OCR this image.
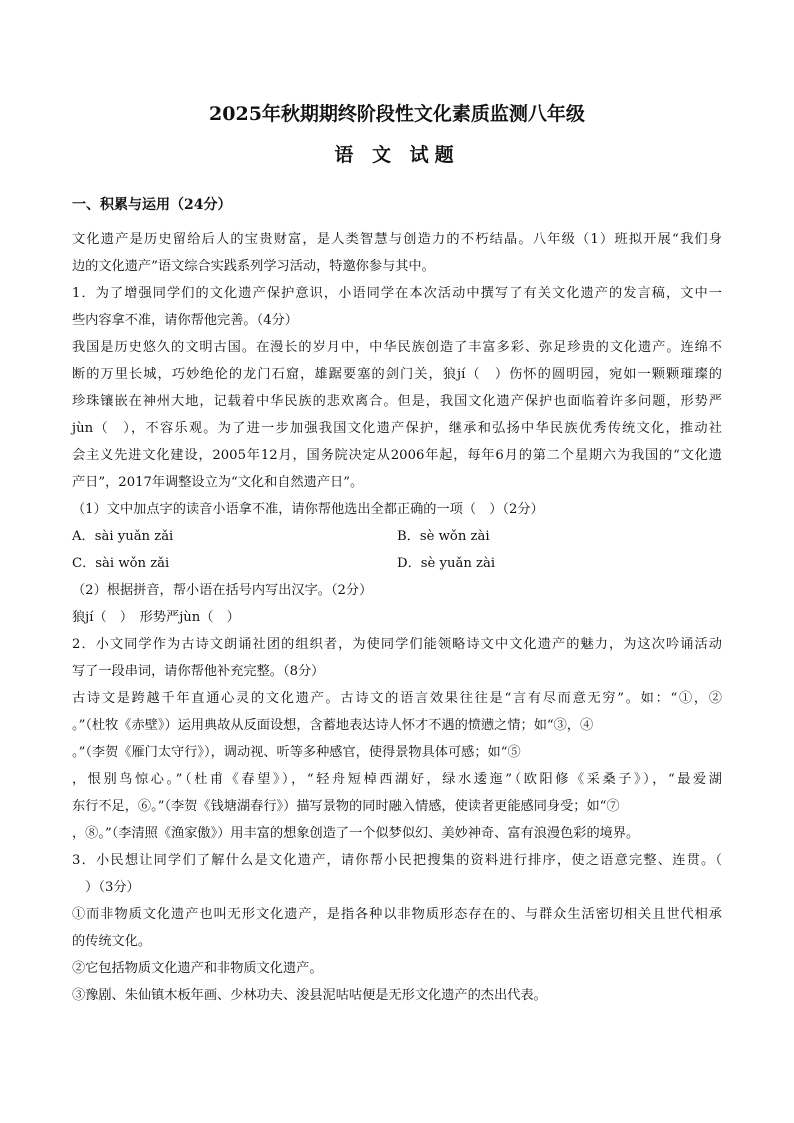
2025年秋期期终阶段性文化素质监测八年级
语 文 试题
一、积累与运用（24分）
文化遗产是历史留给后人的宝贵财富，是人类智慧与创造力的不朽结晶。八年级（1）班拟开展“我们身
边的文化遗产”语文综合实践系列学习活动，特邀你参与其中。
1．为了增强同学们的文化遗产保护意识，小语同学在本次活动中撰写了有关文化遗产的发言稿，文中一
些内容拿不准，请你帮他完善。（4分）
我国是历史悠久的文明古国。在漫长的岁月中，中华民族创造了丰富多彩、弥足珍贵的文化遗产。连绵不
断的万里长城，巧妙绝伦的龙门石窟，雄踞要塞的剑门关，狼jí（　）伤怀的圆明园，宛如一颗颗璀璨的
珍珠镶嵌在神州大地，记载着中华民族的悲欢离合。但是，我国文化遗产保护也面临着许多问题，形势严
jùn（　），不容乐观。为了进一步加强我国文化遗产保护，继承和弘扬中华民族优秀传统文化，推动社
会主义先进文化建设，2005年12月，国务院决定从2006年起，每年6月的第二个星期六为我国的“文化遗
产日”，2017年调整设立为“文化和自然遗产日”。
（1）文中加点字的读音小语拿不准，请你帮他选出全都正确的一项（　）（2分）
A．sài yuǎn zǎi	B．sè wǒn zài
C．sài wǒn zǎi	D．sè yuǎn zài
（2）根据拼音，帮小语在括号内写出汉字。（2分）
狼jí（　）　形势严jùn（　）
2．小文同学作为古诗文朗诵社团的组织者，为使同学们能领略诗文中文化遗产的魅力，为这次吟诵活动
写了一段串词，请你帮他补充完整。（8分）
古诗文是跨越千年直通心灵的文化遗产。古诗文的语言效果往往是“言有尽而意无穷”。如：“①，②
。”（杜牧《赤壁》）运用典故从反面设想，含蓄地表达诗人怀才不遇的愤懑之情；如“③，④
。”（李贺《雁门太守行》），调动视、听等多种感官，使得景物具体可感；如“⑤
，恨别鸟惊心。”（杜甫《春望》），“轻舟短棹西湖好，绿水逶迤”（欧阳修《采桑子》），“最爱湖
东行不足，⑥。”（李贺《钱塘湖春行》）描写景物的同时融入情感，使读者更能感同身受；如“⑦
，⑧。”（李清照《渔家傲》）用丰富的想象创造了一个似梦似幻、美妙神奇、富有浪漫色彩的境界。
3．小民想让同学们了解什么是文化遗产，请你帮小民把搜集的资料进行排序，使之语意完整、连贯。（
　）（3分）
①而非物质文化遗产也叫无形文化遗产，是指各种以非物质形态存在的、与群众生活密切相关且世代相承
的传统文化。
②它包括物质文化遗产和非物质文化遗产。
③豫剧、朱仙镇木板年画、少林功夫、浚县泥咕咕便是无形文化遗产的杰出代表。
